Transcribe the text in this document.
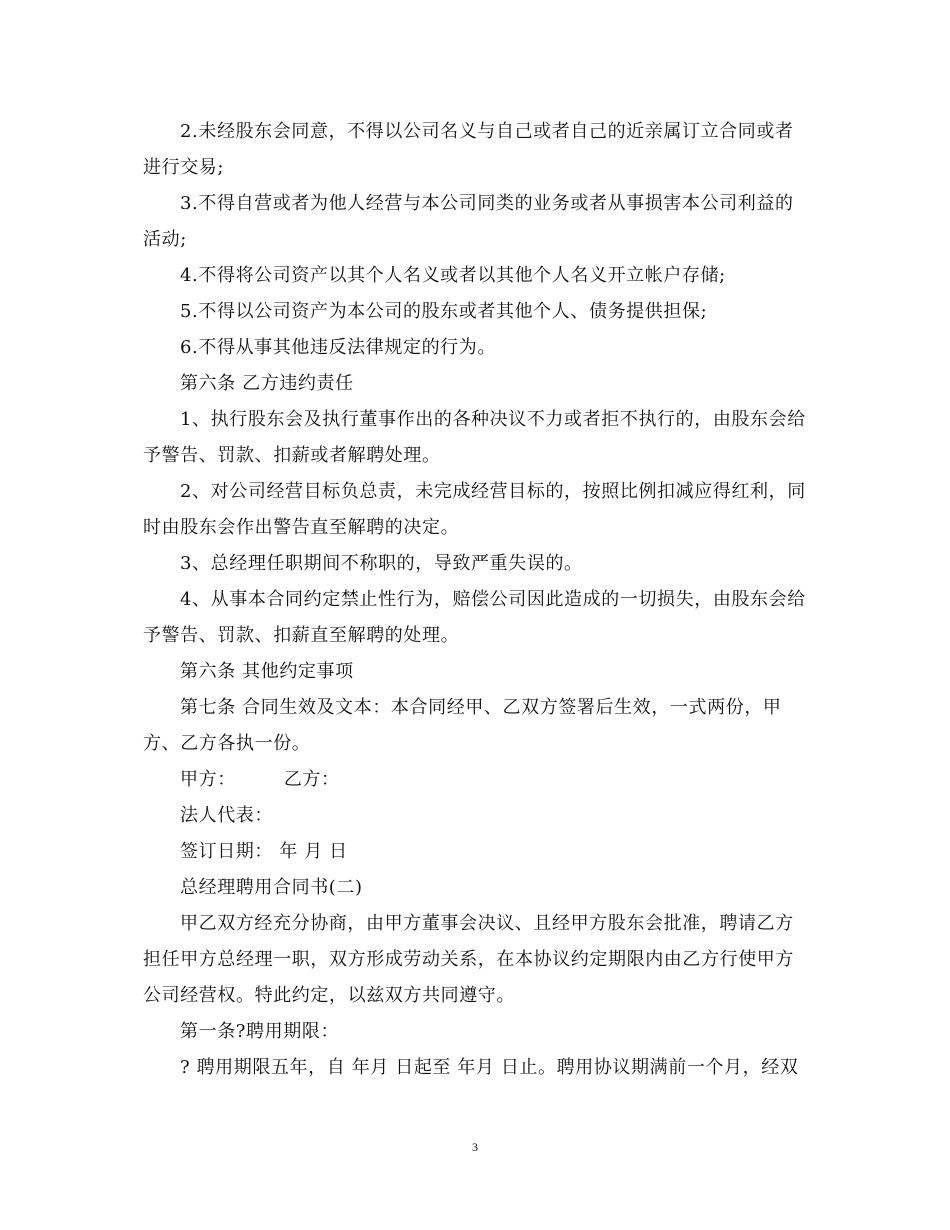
2.未经股东会同意，不得以公司名义与自己或者自己的近亲属订立合同或者
进行交易;
3.不得自营或者为他人经营与本公司同类的业务或者从事损害本公司利益的
活动;
4.不得将公司资产以其个人名义或者以其他个人名义开立帐户存储;
5.不得以公司资产为本公司的股东或者其他个人、债务提供担保;
6.不得从事其他违反法律规定的行为。
第六条 乙方违约责任
1、执行股东会及执行董事作出的各种决议不力或者拒不执行的，由股东会给
予警告、罚款、扣薪或者解聘处理。
2、对公司经营目标负总责，未完成经营目标的，按照比例扣减应得红利，同
时由股东会作出警告直至解聘的决定。
3、总经理任职期间不称职的，导致严重失误的。
4、从事本合同约定禁止性行为，赔偿公司因此造成的一切损失，由股东会给
予警告、罚款、扣薪直至解聘的处理。
第六条 其他约定事项
第七条 合同生效及文本：本合同经甲、乙双方签署后生效，一式两份，甲
方、乙方各执一份。
甲方：	乙方：
法人代表：
签订日期： 年 月 日
总经理聘用合同书(二)
甲乙双方经充分协商，由甲方董事会决议、且经甲方股东会批准，聘请乙方
担任甲方总经理一职，双方形成劳动关系，在本协议约定期限内由乙方行使甲方
公司经营权。特此约定，以兹双方共同遵守。
第一条?聘用期限：
? 聘用期限五年，自 年月 日起至 年月 日止。聘用协议期满前一个月，经双
3
